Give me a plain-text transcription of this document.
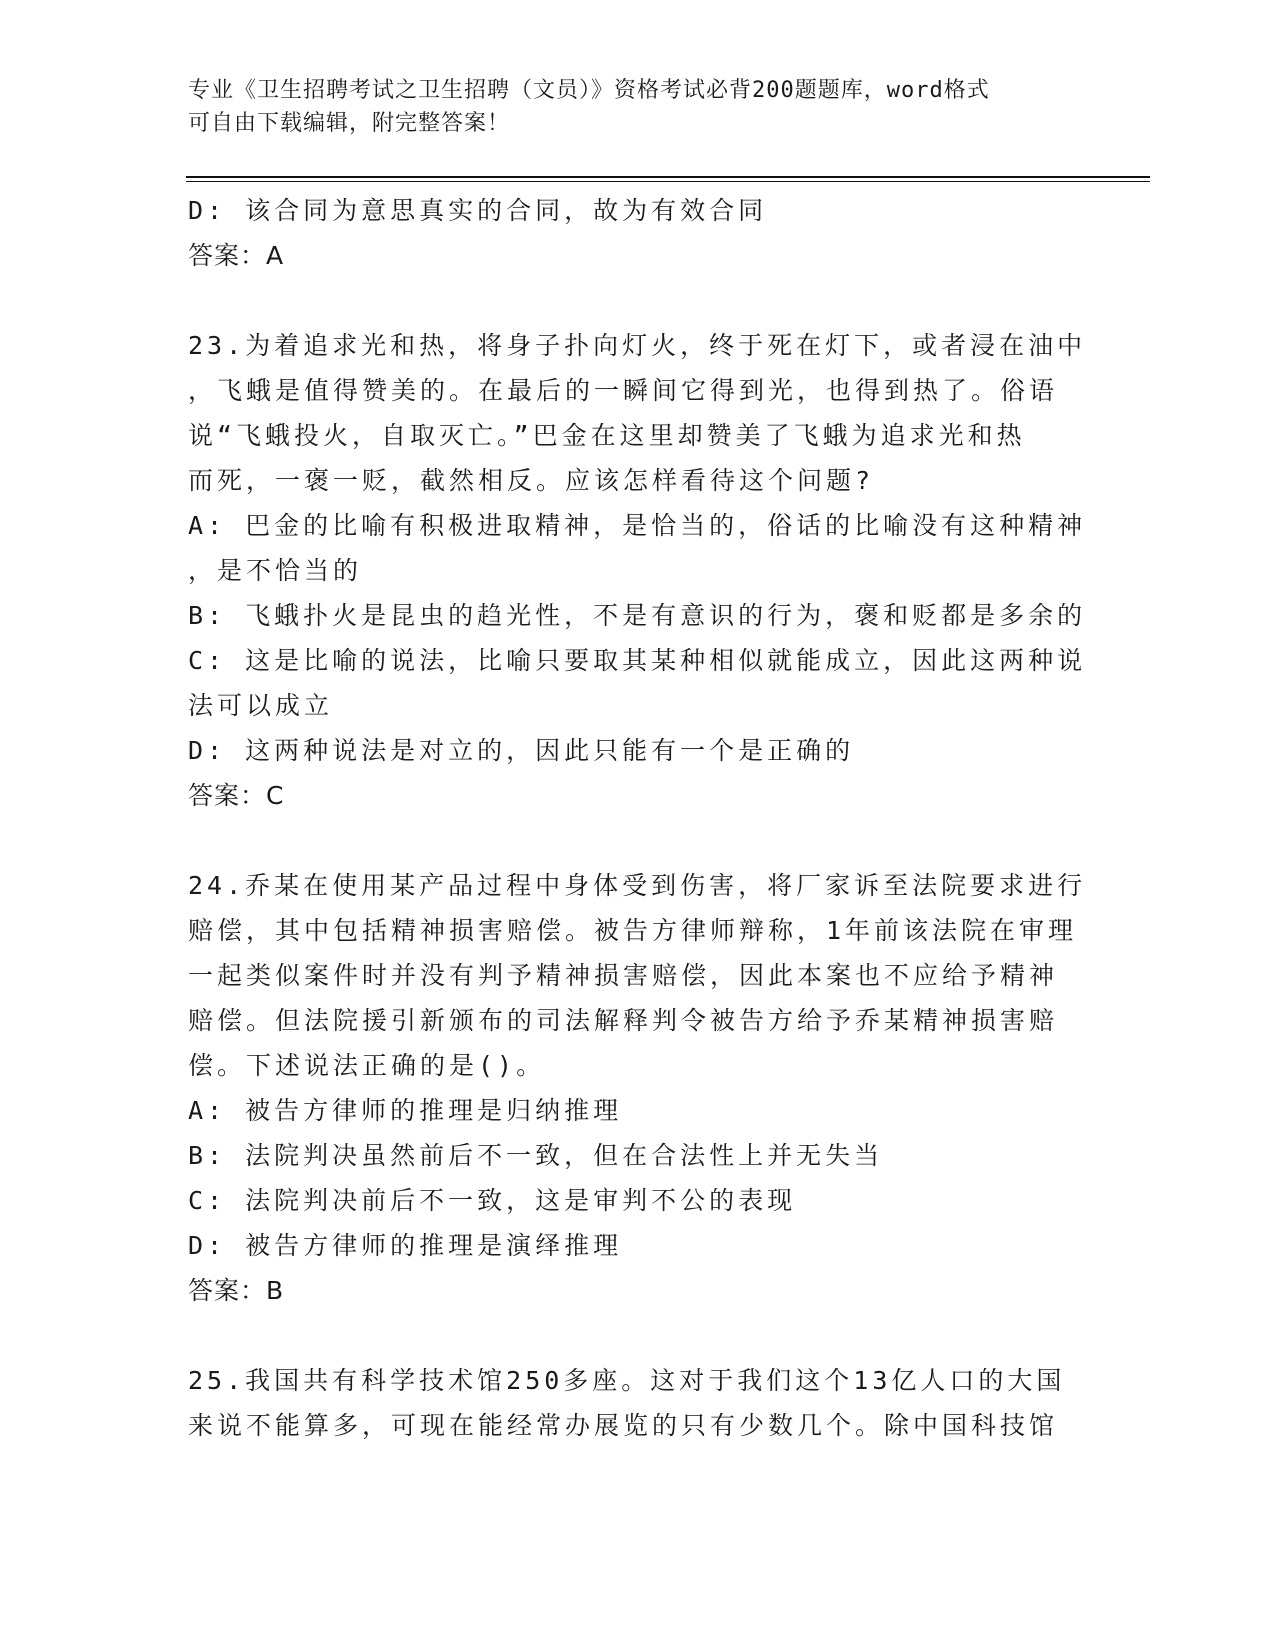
专业《卫生招聘考试之卫生招聘（文员）》资格考试必背200题题库，word格式
可自由下载编辑，附完整答案！
D: 该合同为意思真实的合同，故为有效合同
答案：A
23.为着追求光和热，将身子扑向灯火，终于死在灯下，或者浸在油中
，飞蛾是值得赞美的。在最后的一瞬间它得到光，也得到热了。俗语
说“飞蛾投火，自取灭亡。”巴金在这里却赞美了飞蛾为追求光和热
而死，一褒一贬，截然相反。应该怎样看待这个问题?
A: 巴金的比喻有积极进取精神，是恰当的，俗话的比喻没有这种精神
，是不恰当的
B: 飞蛾扑火是昆虫的趋光性，不是有意识的行为，褒和贬都是多余的
C: 这是比喻的说法，比喻只要取其某种相似就能成立，因此这两种说
法可以成立
D: 这两种说法是对立的，因此只能有一个是正确的
答案：C
24.乔某在使用某产品过程中身体受到伤害，将厂家诉至法院要求进行
赔偿，其中包括精神损害赔偿。被告方律师辩称，1年前该法院在审理
一起类似案件时并没有判予精神损害赔偿，因此本案也不应给予精神
赔偿。但法院援引新颁布的司法解释判令被告方给予乔某精神损害赔
偿。下述说法正确的是()。
A: 被告方律师的推理是归纳推理
B: 法院判决虽然前后不一致，但在合法性上并无失当
C: 法院判决前后不一致，这是审判不公的表现
D: 被告方律师的推理是演绎推理
答案：B
25.我国共有科学技术馆250多座。这对于我们这个13亿人口的大国
来说不能算多，可现在能经常办展览的只有少数几个。除中国科技馆
